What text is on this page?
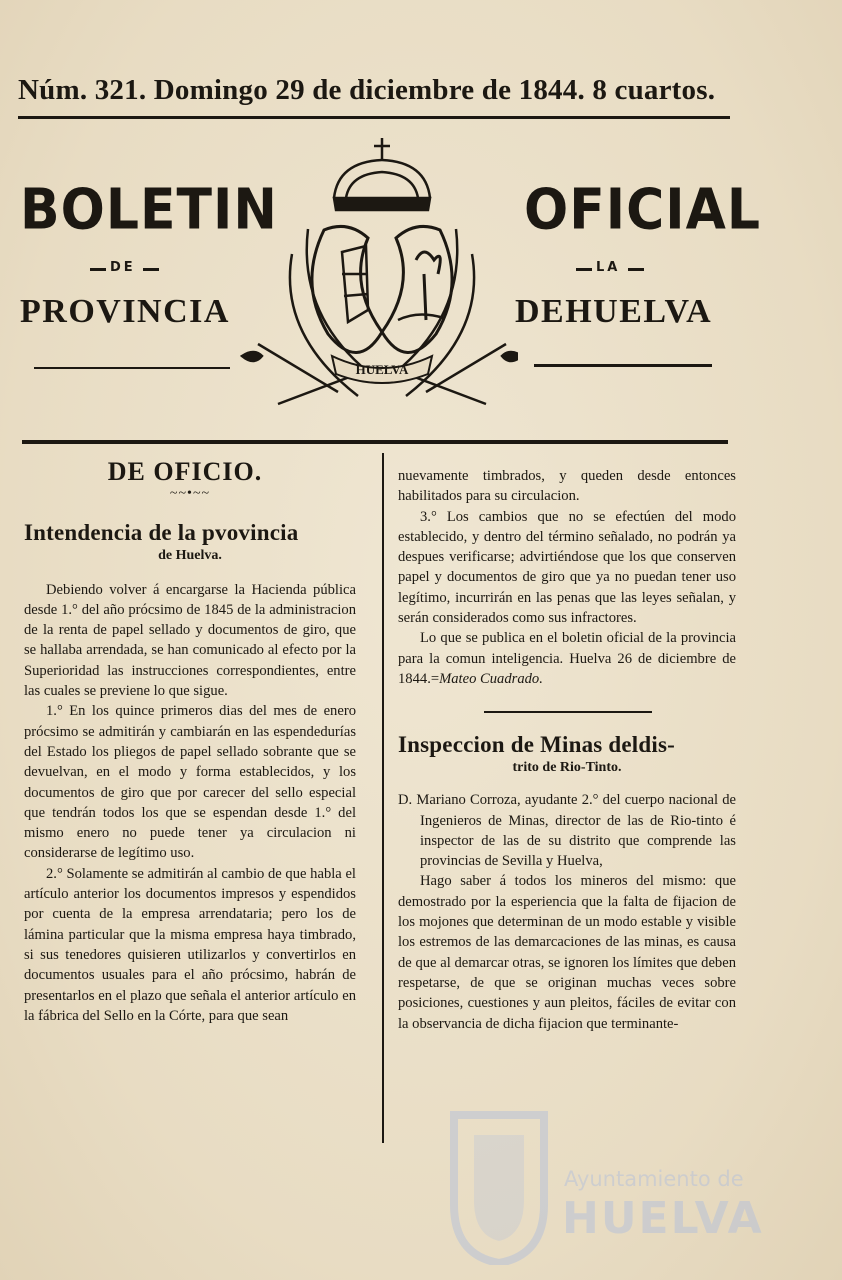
Núm. 321. Domingo 29 de diciembre de 1844. 8 cuartos.
BOLETIN	OFICIAL
DE	LA
PROVINCIA	DEHUELVA
HUELVA
DE OFICIO.
~~•~~
Intendencia de la pvovincia
de Huelva.

Debiendo volver á encargarse la Hacienda pública desde 1.° del año prócsimo de 1845 de la administracion de la renta de papel sellado y documentos de giro, que se hallaba arrendada, se han comunicado al efecto por la Superioridad las instrucciones correspondientes, entre las cuales se previene lo que sigue.

1.° En los quince primeros dias del mes de enero prócsimo se admitirán y cambiarán en las espendedurías del Estado los pliegos de papel sellado sobrante que se devuelvan, en el modo y forma establecidos, y los documentos de giro que por carecer del sello especial que tendrán todos los que se espendan desde 1.° del mismo enero no puede tener ya circulacion ni considerarse de legítimo uso.

2.° Solamente se admitirán al cambio de que habla el artículo anterior los documentos impresos y espendidos por cuenta de la empresa arrendataria; pero los de lámina particular que la misma empresa haya timbrado, si sus tenedores quisieren utilizarlos y convertirlos en documentos usuales para el año prócsimo, habrán de presentarlos en el plazo que señala el anterior artículo en la fábrica del Sello en la Córte, para que sean

nuevamente timbrados, y queden desde entonces habilitados para su circulacion.

3.° Los cambios que no se efectúen del modo establecido, y dentro del término señalado, no podrán ya despues verificarse; advirtiéndose que los que conserven papel y documentos de giro que ya no puedan tener uso legítimo, incurrirán en las penas que las leyes señalan, y serán considerados como sus infractores.

Lo que se publica en el boletin oficial de la provincia para la comun inteligencia. Huelva 26 de diciembre de 1844.=Mateo Cuadrado.

Inspeccion de Minas deldis-
trito de Rio-Tinto.

D. Mariano Corroza, ayudante 2.° del cuerpo nacional de Ingenieros de Minas, director de las de Rio-tinto é inspector de las de su distrito que comprende las provincias de Sevilla y Huelva,

Hago saber á todos los mineros del mismo: que demostrado por la esperiencia que la falta de fijacion de los mojones que determinan de un modo estable y visible los estremos de las demarcaciones de las minas, es causa de que al demarcar otras, se ignoren los límites que deben respetarse, de que se originan muchas veces sobre posiciones, cuestiones y aun pleitos, fáciles de evitar con la observancia de dicha fijacion que terminante-

Ayuntamiento de
HUELVA
